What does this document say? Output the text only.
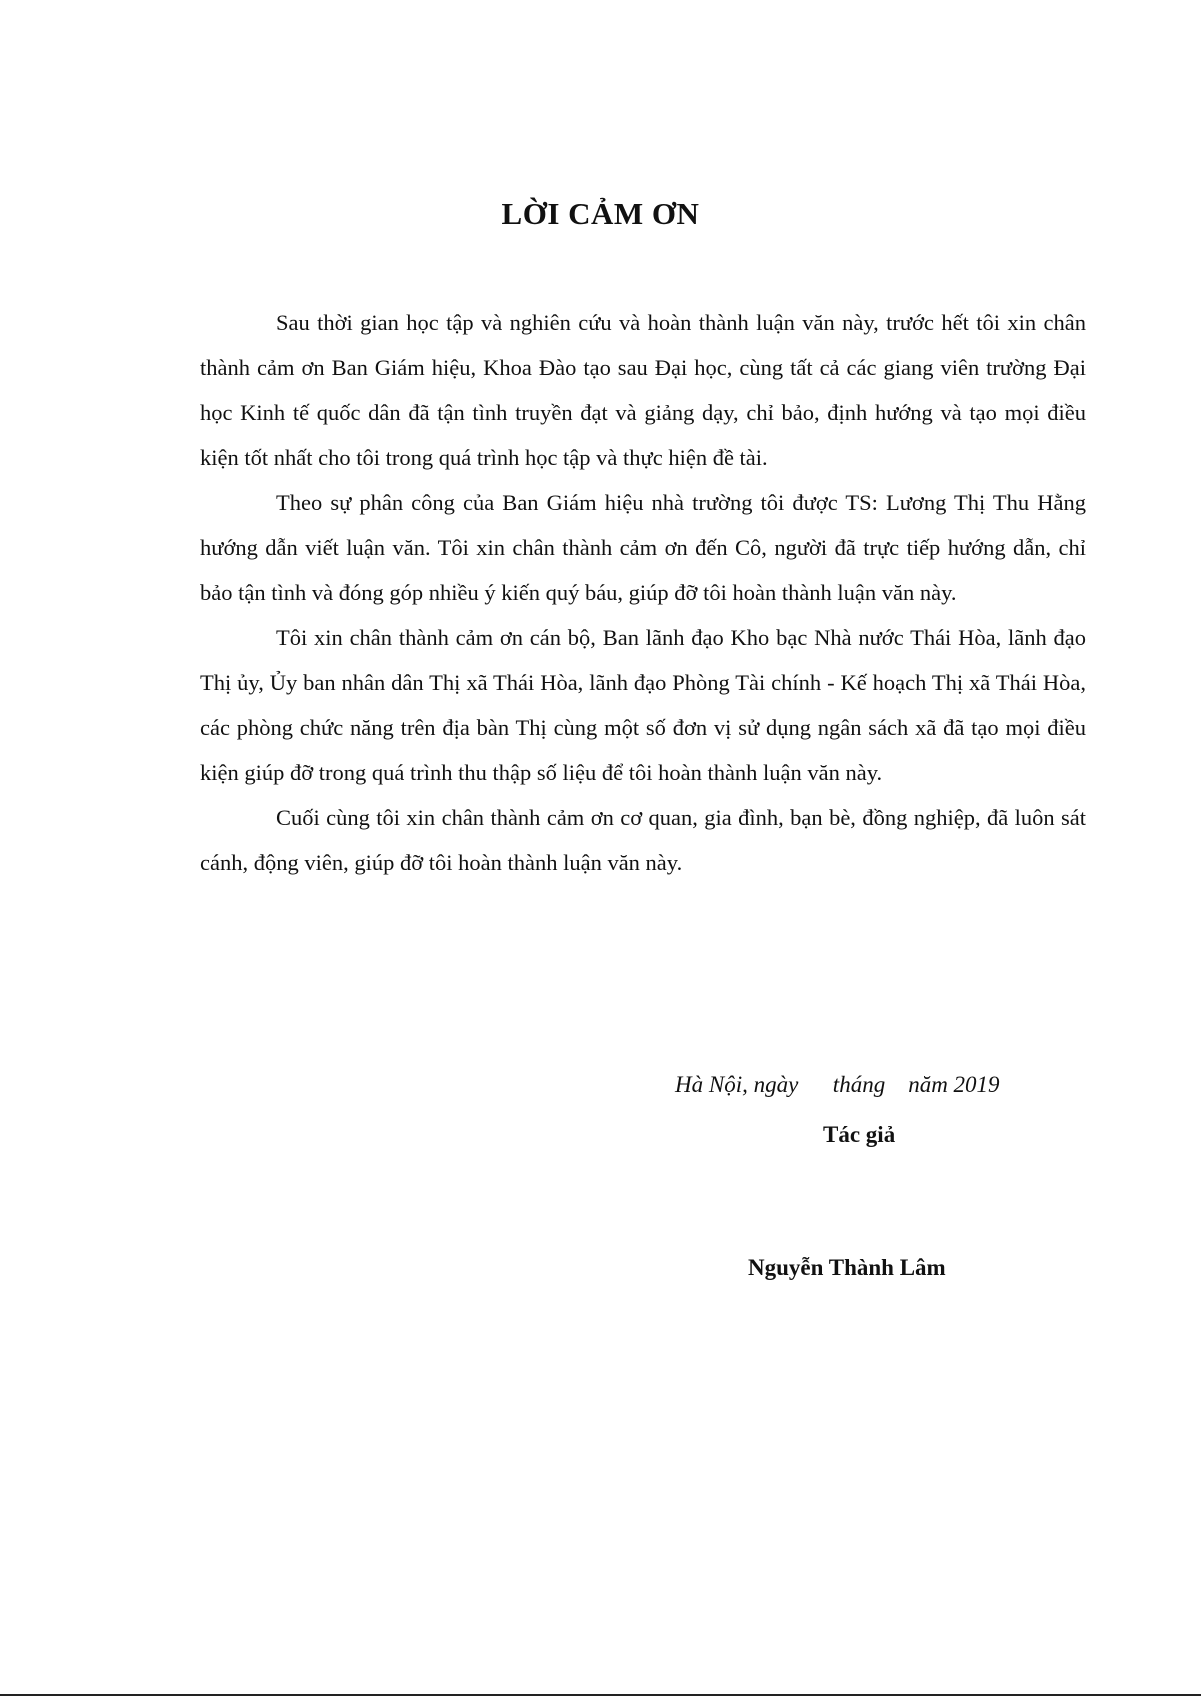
LỜI CẢM ƠN

Sau thời gian học tập và nghiên cứu và hoàn thành luận văn này, trước hết tôi xin chân thành cảm ơn Ban Giám hiệu, Khoa Đào tạo sau Đại học, cùng tất cả các giang viên trường Đại học Kinh tế quốc dân đã tận tình truyền đạt và giảng dạy, chỉ bảo, định hướng và tạo mọi điều kiện tốt nhất cho tôi trong quá trình học tập và thực hiện đề tài.

Theo sự phân công của Ban Giám hiệu nhà trường tôi được TS: Lương Thị Thu Hằng hướng dẫn viết luận văn. Tôi xin chân thành cảm ơn đến Cô, người đã trực tiếp hướng dẫn, chỉ bảo tận tình và đóng góp nhiều ý kiến quý báu, giúp đỡ tôi hoàn thành luận văn này.

Tôi xin chân thành cảm ơn cán bộ, Ban lãnh đạo Kho bạc Nhà nước Thái Hòa, lãnh đạo Thị ủy, Ủy ban nhân dân Thị xã Thái Hòa, lãnh đạo Phòng Tài chính - Kế hoạch Thị xã Thái Hòa, các phòng chức năng trên địa bàn Thị cùng một số đơn vị sử dụng ngân sách xã đã tạo mọi điều kiện giúp đỡ trong quá trình thu thập số liệu để tôi hoàn thành luận văn này.

Cuối cùng tôi xin chân thành cảm ơn cơ quan, gia đình, bạn bè, đồng nghiệp, đã luôn sát cánh, động viên, giúp đỡ tôi hoàn thành luận văn này.

Hà Nội, ngày      tháng    năm 2019
Tác giả
Nguyễn Thành Lâm
